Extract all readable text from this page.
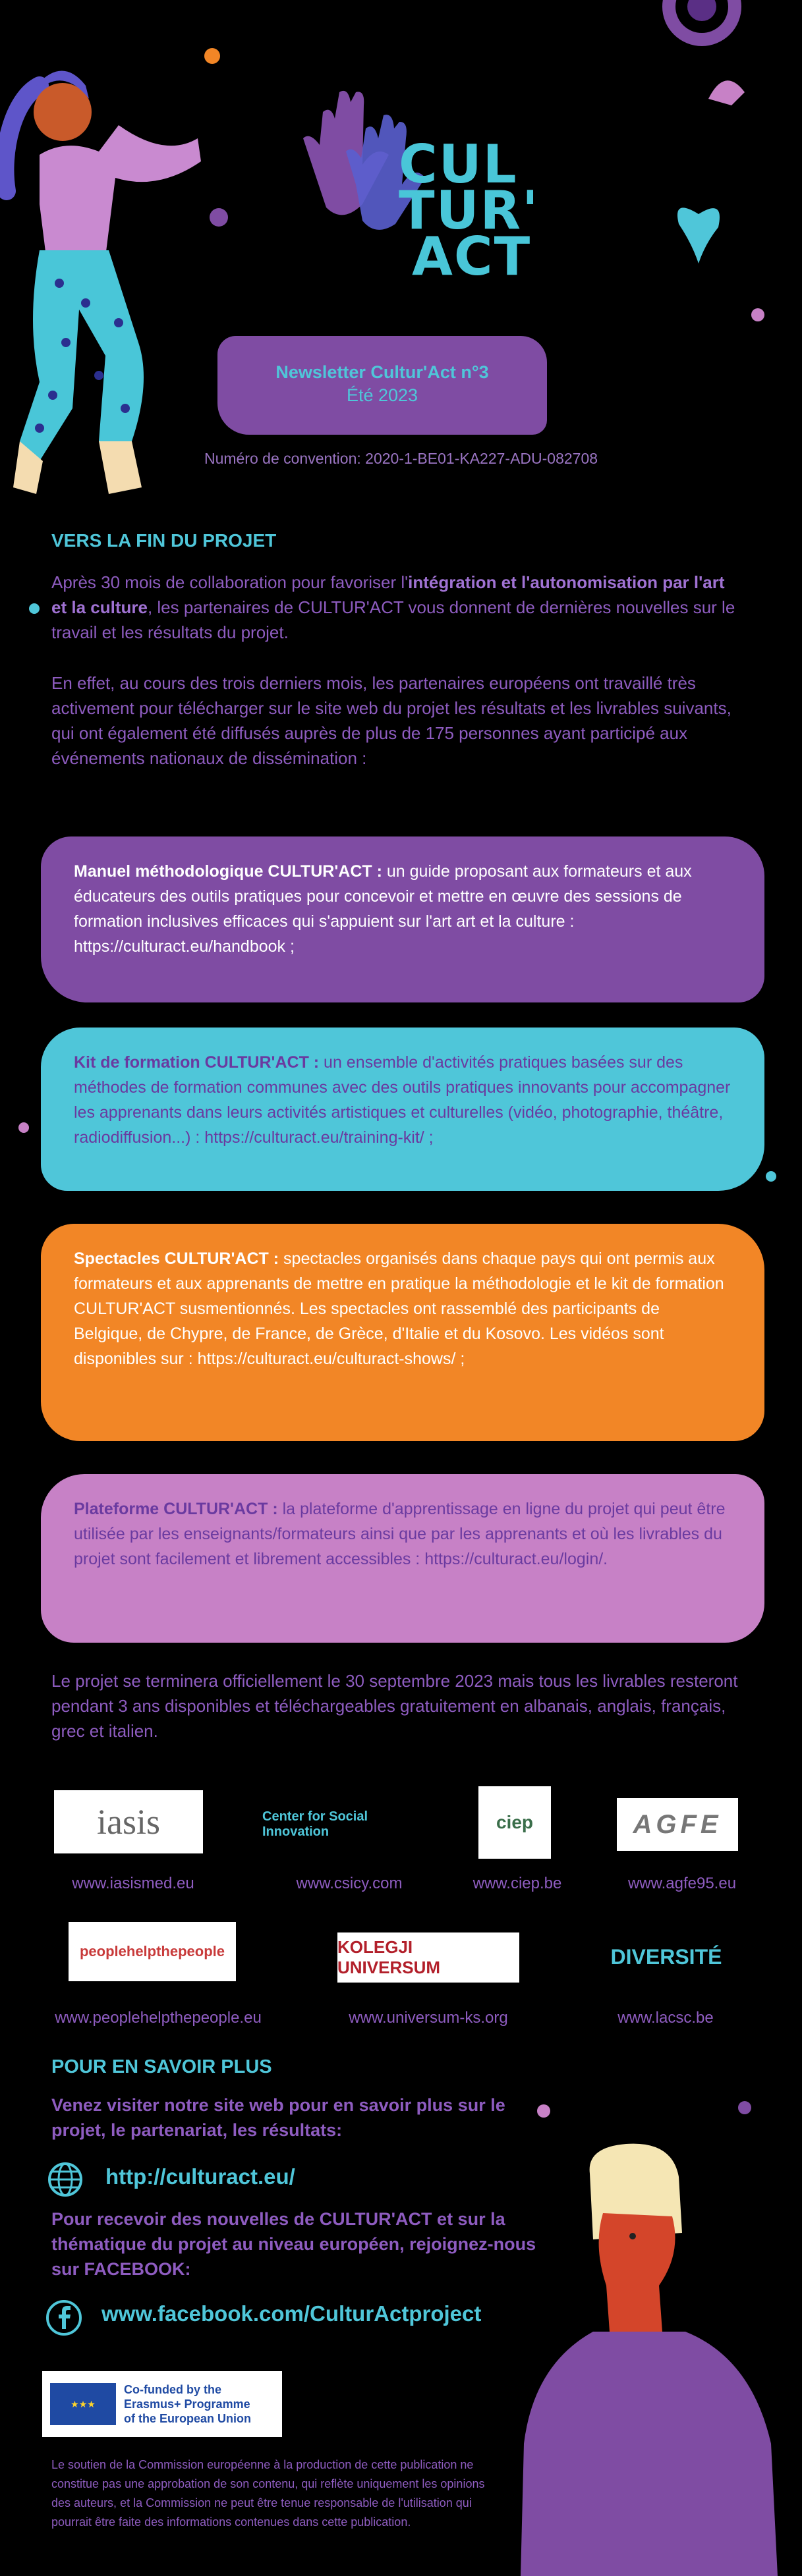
CUL
TUR'
ACT
Newsletter Cultur'Act n°3
Été 2023
Numéro de convention: 2020-1-BE01-KA227-ADU-082708
VERS LA FIN DU PROJET
Après 30 mois de collaboration pour favoriser l'intégration et l'autonomisation par l'art et la culture, les partenaires de CULTUR'ACT vous donnent de dernières nouvelles sur le travail et les résultats du projet.
En effet, au cours des trois derniers mois, les partenaires européens ont travaillé très activement pour télécharger sur le site web du projet les résultats et les livrables suivants, qui ont également été diffusés auprès de plus de 175 personnes ayant participé aux événements nationaux de dissémination :
Manuel méthodologique CULTUR'ACT : un guide proposant aux formateurs et aux éducateurs des outils pratiques pour concevoir et mettre en œuvre des sessions de formation inclusives efficaces qui s'appuient sur l'art art et la culture : https://culturact.eu/handbook ;
Kit de formation CULTUR'ACT : un ensemble d'activités pratiques basées sur des méthodes de formation communes avec des outils pratiques innovants pour accompagner les apprenants dans leurs activités artistiques et culturelles (vidéo, photographie, théâtre, radiodiffusion...) : https://culturact.eu/training-kit/ ;
Spectacles CULTUR'ACT : spectacles organisés dans chaque pays qui ont permis aux formateurs et aux apprenants de mettre en pratique la méthodologie et le kit de formation CULTUR'ACT susmentionnés. Les spectacles ont rassemblé des participants de Belgique, de Chypre, de France, de Grèce, d'Italie et du Kosovo. Les vidéos sont disponibles sur : https://culturact.eu/culturact-shows/ ;
Plateforme CULTUR'ACT : la plateforme d'apprentissage en ligne du projet qui peut être utilisée par les enseignants/formateurs ainsi que par les apprenants et où les livrables du projet sont facilement et librement accessibles : https://culturact.eu/login/.
Le projet se terminera officiellement le 30 septembre 2023 mais tous les livrables resteront pendant 3 ans disponibles et téléchargeables gratuitement en albanais, anglais, français, grec et italien.
iasis	Center for Social Innovation	ciep	AGFE
www.iasismed.eu	www.csicy.com	www.ciep.be	www.agfe95.eu
peoplehelpthepeople	KOLEGJI UNIVERSUM	DIVERSITÉ
www.peoplehelpthepeople.eu	www.universum-ks.org	www.lacsc.be
POUR EN SAVOIR PLUS
Venez visiter notre site web pour en savoir plus sur le projet, le partenariat, les résultats:
http://culturact.eu/
Pour recevoir des nouvelles de CULTUR'ACT et sur la thématique du projet au niveau européen, rejoignez-nous sur FACEBOOK:
www.facebook.com/CulturActproject
★★★
Co-funded by the
Erasmus+ Programme
of the European Union
Le soutien de la Commission européenne à la production de cette publication ne constitue pas une approbation de son contenu, qui reflète uniquement les opinions des auteurs, et la Commission ne peut être tenue responsable de l'utilisation qui pourrait être faite des informations contenues dans cette publication.
